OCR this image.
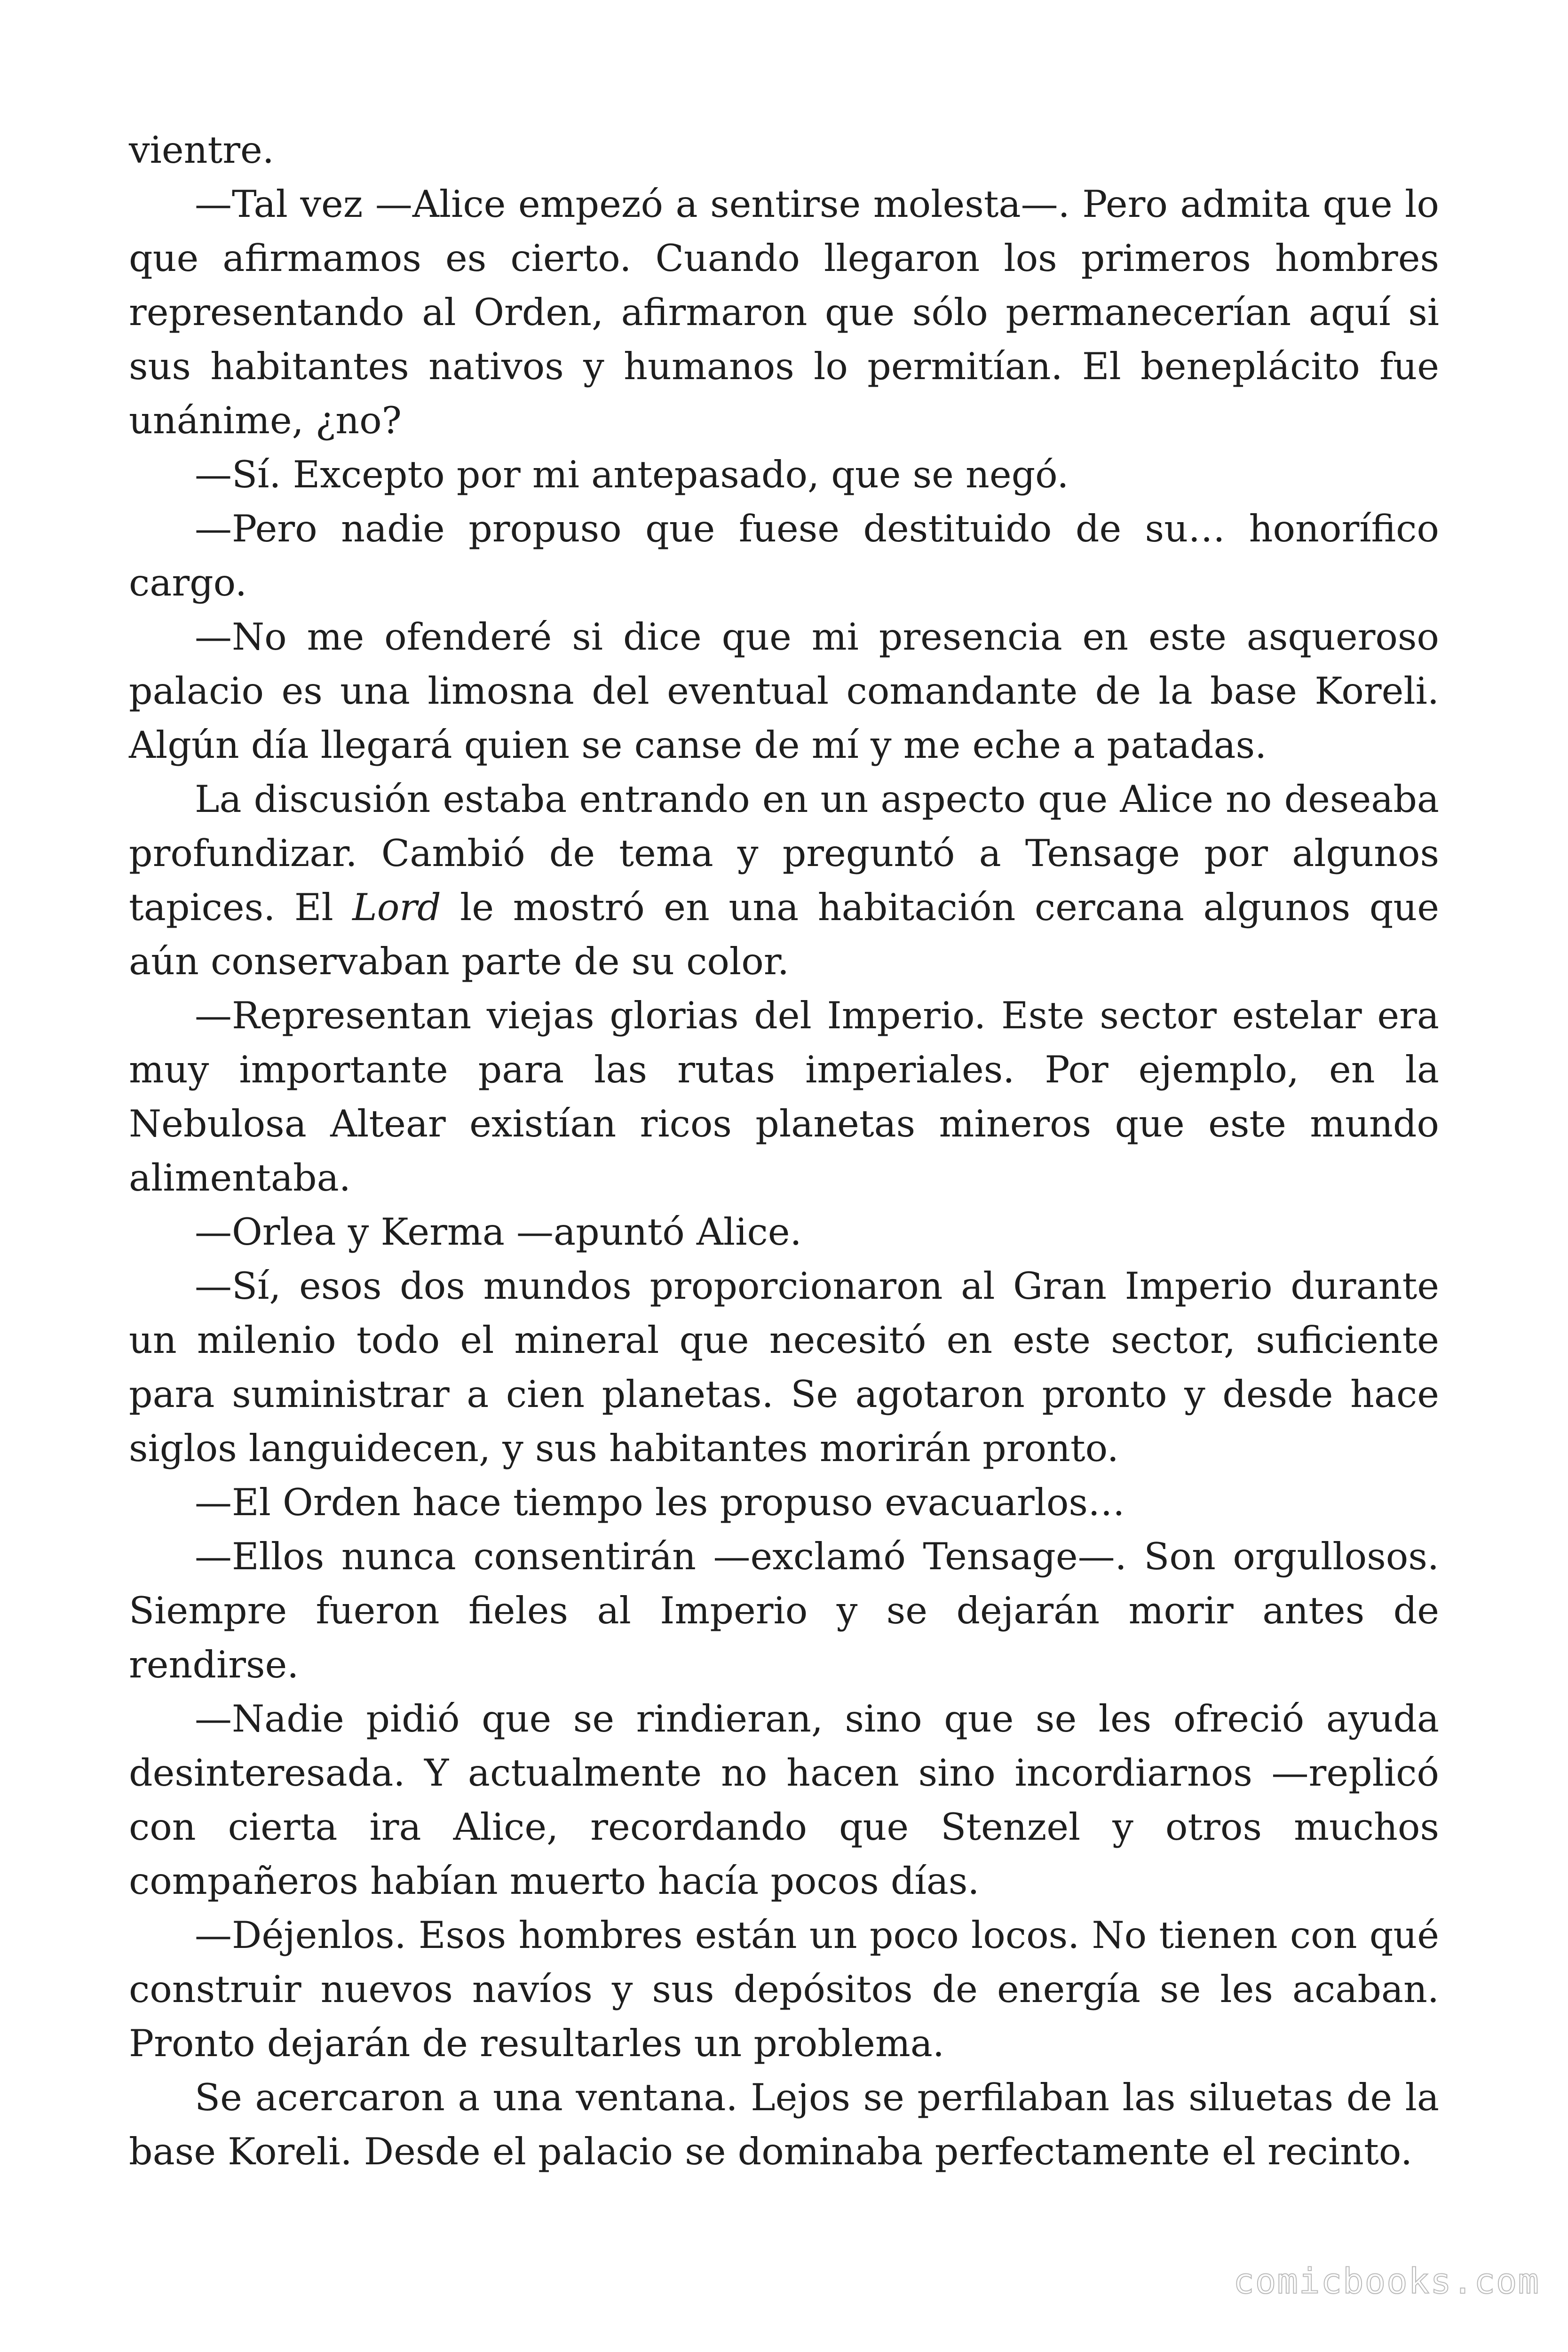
vientre.

—Tal vez —Alice empezó a sentirse molesta—. Pero admita que lo que afirmamos es cierto. Cuando llegaron los primeros hombres representando al Orden, afirmaron que sólo permanecerían aquí si sus habitantes nativos y humanos lo permitían. El beneplácito fue unánime, ¿no?

—Sí. Excepto por mi antepasado, que se negó.

—Pero nadie propuso que fuese destituido de su… honorífico cargo.

—No me ofenderé si dice que mi presencia en este asqueroso palacio es una limosna del eventual comandante de la base Koreli. Algún día llegará quien se canse de mí y me eche a patadas.

La discusión estaba entrando en un aspecto que Alice no deseaba profundizar. Cambió de tema y preguntó a Tensage por algunos tapices. El Lord le mostró en una habitación cercana algunos que aún conservaban parte de su color.

—Representan viejas glorias del Imperio. Este sector estelar era muy importante para las rutas imperiales. Por ejemplo, en la Nebulosa Altear existían ricos planetas mineros que este mundo alimentaba.

—Orlea y Kerma —apuntó Alice.

—Sí, esos dos mundos proporcionaron al Gran Imperio durante un milenio todo el mineral que necesitó en este sector, suficiente para suministrar a cien planetas. Se agotaron pronto y desde hace siglos languidecen, y sus habitantes morirán pronto.

—El Orden hace tiempo les propuso evacuarlos…

—Ellos nunca consentirán —exclamó Tensage—. Son orgullosos. Siempre fueron fieles al Imperio y se dejarán morir antes de rendirse.

—Nadie pidió que se rindieran, sino que se les ofreció ayuda desinteresada. Y actualmente no hacen sino incordiarnos —replicó con cierta ira Alice, recordando que Stenzel y otros muchos compañeros habían muerto hacía pocos días.

—Déjenlos. Esos hombres están un poco locos. No tienen con qué construir nuevos navíos y sus depósitos de energía se les acaban. Pronto dejarán de resultarles un problema.

Se acercaron a una ventana. Lejos se perfilaban las siluetas de la base Koreli. Desde el palacio se dominaba perfectamente el recinto.

comicbooks.com
